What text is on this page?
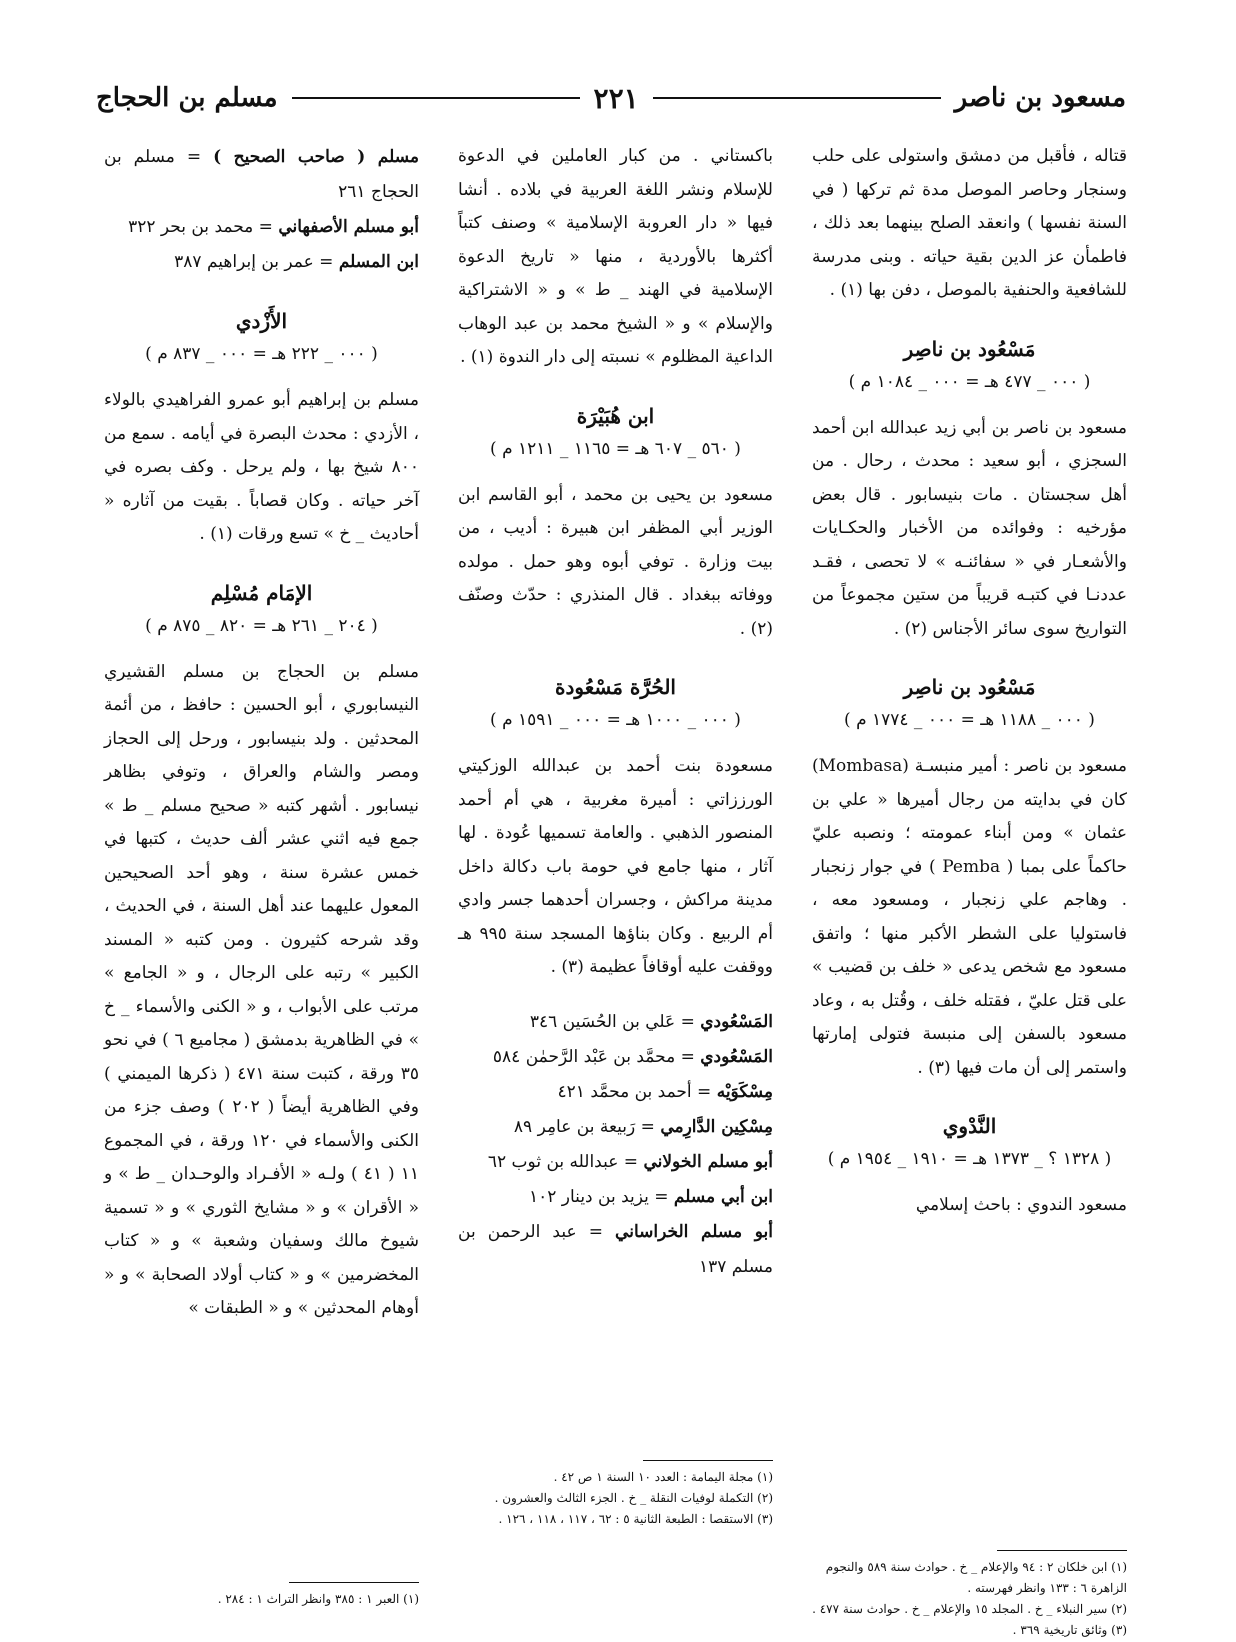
مسعود بن ناصر
٢٢١
مسلم بن الحجاج

قتاله ، فأقبل من دمشق واستولى على حلب وسنجار وحاصر الموصل مدة ثم تركها ( في السنة نفسها ) وانعقد الصلح بينهما بعد ذلك ، فاطمأن عز الدين بقية حياته . وبنى مدرسة للشافعية والحنفية بالموصل ، دفن بها (١) .

مَسْعُود بن ناصِر
( ٠٠٠ _ ٤٧٧ هـ = ٠٠٠ _ ١٠٨٤ م )

مسعود بن ناصر بن أبي زيد عبدالله ابن أحمد السجزي ، أبو سعيد : محدث ، رحال . من أهل سجستان . مات بنيسابور . قال بعض مؤرخيه : وفوائده من الأخبار والحكـايات والأشعـار في « سفائنـه » لا تحصى ، فقـد عددنـا في كتبـه قريباً من ستين مجموعاً من التواريخ سوى سائر الأجناس (٢) .

مَسْعُود بن ناصِر
( ٠٠٠ _ ١١٨٨ هـ = ٠٠٠ _ ١٧٧٤ م )

مسعود بن ناصر : أمير منبسـة (Mombasa) كان في بدايته من رجال أميرها « علي بن عثمان » ومن أبناء عمومته ؛ ونصبه عليّ حاكماً على بمبا ( Pemba ) في جوار زنجبار . وهاجم علي زنجبار ، ومسعود معه ، فاستوليا على الشطر الأكبر منها ؛ واتفق مسعود مع شخص يدعى « خلف بن قضيب » على قتل عليّ ، فقتله خلف ، وقُتل به ، وعاد مسعود بالسفن إلى منبسة فتولى إمارتها واستمر إلى أن مات فيها (٣) .

النَّدْوي
( ١٣٢٨ ؟ _ ١٣٧٣ هـ = ١٩١٠ _ ١٩٥٤ م )

مسعود الندوي : باحث إسلامي

(١) ابن خلكان ٢ : ٩٤ والإعلام _ خ . حوادث سنة ٥٨٩ والنجوم الزاهرة ٦ : ١٣٣ وانظر فهرسته .

(٢) سير النبلاء _ خ . المجلد ١٥ والإعلام _ خ . حوادث سنة ٤٧٧ .

(٣) وثائق تاريخية ٣٦٩ .

باكستاني . من كبار العاملين في الدعوة للإسلام ونشر اللغة العربية في بلاده . أنشا فيها « دار العروبة الإسلامية » وصنف كتباً أكثرها بالأوردية ، منها « تاريخ الدعوة الإسلامية في الهند _ ط » و « الاشتراكية والإسلام » و « الشيخ محمد بن عبد الوهاب الداعية المظلوم » نسبته إلى دار الندوة (١) .

ابن هُبَيْرَة
( ٥٦٠ _ ٦٠٧ هـ = ١١٦٥ _ ١٢١١ م )

مسعود بن يحيى بن محمد ، أبو القاسم ابن الوزير أبي المظفر ابن هبيرة : أديب ، من بيت وزارة . توفي أبوه وهو حمل . مولده ووفاته ببغداد . قال المنذري : حدّث وصنّف (٢) .

الحُرَّة مَسْعُودة
( ٠٠٠ _ ١٠٠٠ هـ = ٠٠٠ _ ١٥٩١ م )

مسعودة بنت أحمد بن عبدالله الوزكيتي الورززاتي : أميرة مغربية ، هي أم أحمد المنصور الذهبي . والعامة تسميها عُودة . لها آثار ، منها جامع في حومة باب دكالة داخل مدينة مراكش ، وجسران أحدهما جسر وادي أم الربيع . وكان بناؤها المسجد سنة ٩٩٥ هـ ووقفت عليه أوقافاً عظيمة (٣) .

المَسْعُودي = عَلي بن الحُسَين ٣٤٦

المَسْعُودي = محمَّد بن عَبْد الرَّحمٰن ٥٨٤

مِسْكَوَيْه = أحمد بن محمَّد ٤٢١

مِسْكِين الدَّارِمي = رَبيعة بن عامِر ٨٩

أبو مسلم الخولاني = عبدالله بن ثوب ٦٢

ابن أبي مسلم = يزيد بن دينار ١٠٢

أبو مسلم الخراساني = عبد الرحمن بن مسلم ١٣٧

(١) مجلة اليمامة : العدد ١٠ السنة ١ ص ٤٢ .

(٢) التكملة لوفيات النقلة _ خ . الجزء الثالث والعشرون .

(٣) الاستقصا : الطبعة الثانية ٥ : ٦٢ ، ١١٧ ، ١١٨ ، ١٢٦ .

مسلم ( صاحب الصحيح ) = مسلم بن الحجاج ٢٦١

أبو مسلم الأصفهاني = محمد بن بحر ٣٢٢

ابن المسلم = عمر بن إبراهيم ٣٨٧

الأَزْدي
( ٠٠٠ _ ٢٢٢ هـ = ٠٠٠ _ ٨٣٧ م )

مسلم بن إبراهيم أبو عمرو الفراهيدي بالولاء ، الأزدي : محدث البصرة في أيامه . سمع من ٨٠٠ شيخ بها ، ولم يرحل . وكف بصره في آخر حياته . وكان قصاباً . بقيت من آثاره « أحاديث _ خ » تسع ورقات (١) .

الإمَام مُسْلِم
( ٢٠٤ _ ٢٦١ هـ = ٨٢٠ _ ٨٧٥ م )

مسلم بن الحجاج بن مسلم القشيري النيسابوري ، أبو الحسين : حافظ ، من أئمة المحدثين . ولد بنيسابور ، ورحل إلى الحجاز ومصر والشام والعراق ، وتوفي بظاهر نيسابور . أشهر كتبه « صحيح مسلم _ ط » جمع فيه اثني عشر ألف حديث ، كتبها في خمس عشرة سنة ، وهو أحد الصحيحين المعول عليهما عند أهل السنة ، في الحديث ، وقد شرحه كثيرون . ومن كتبه « المسند الكبير » رتبه على الرجال ، و « الجامع » مرتب على الأبواب ، و « الكنى والأسماء _ خ » في الظاهرية بدمشق ( مجاميع ٦ ) في نحو ٣٥ ورقة ، كتبت سنة ٤٧١ ( ذكرها الميمني ) وفي الظاهرية أيضاً ( ٢٠٢ ) وصف جزء من الكنى والأسماء في ١٢٠ ورقة ، في المجموع ١١ ( ٤١ ) ولـه « الأفـراد والوحـدان _ ط » و « الأقران » و « مشايخ الثوري » و « تسمية شيوخ مالك وسفيان وشعبة » و « كتاب المخضرمين » و « كتاب أولاد الصحابة » و « أوهام المحدثين » و « الطبقات »

(١) العبر ١ : ٣٨٥ وانظر التراث ١ : ٢٨٤ .
